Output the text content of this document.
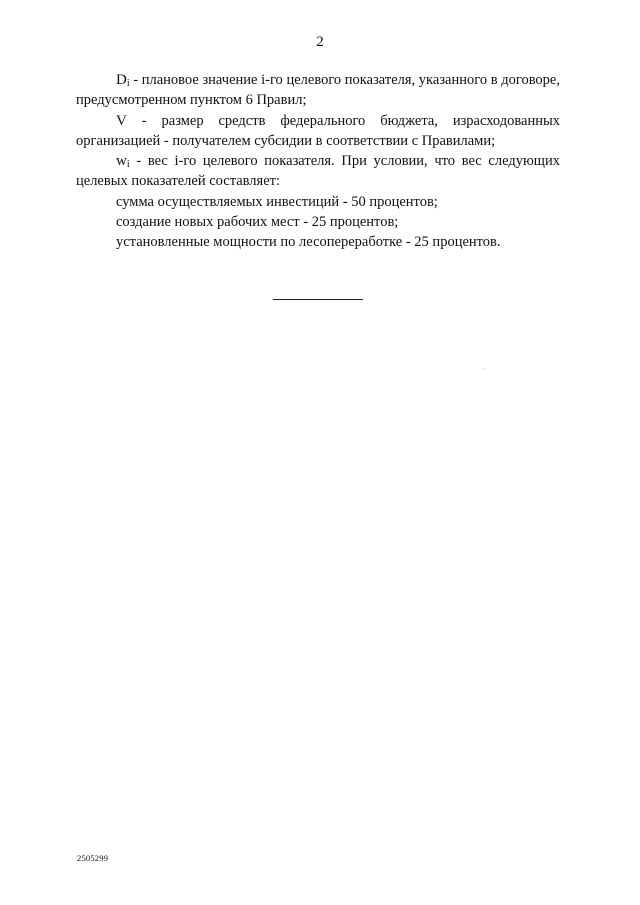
2

$D_i$ - плановое значение i-го целевого показателя, указанного в договоре, предусмотренном пунктом 6 Правил;

V - размер средств федерального бюджета, израсходованных организацией - получателем субсидии в соответствии с Правилами;

$w_i$ - вес i-го целевого показателя. При условии, что вес следующих целевых показателей составляет:

сумма осуществляемых инвестиций - 50 процентов;

создание новых рабочих мест - 25 процентов;

установленные мощности по лесопереработке - 25 процентов.

2505299
